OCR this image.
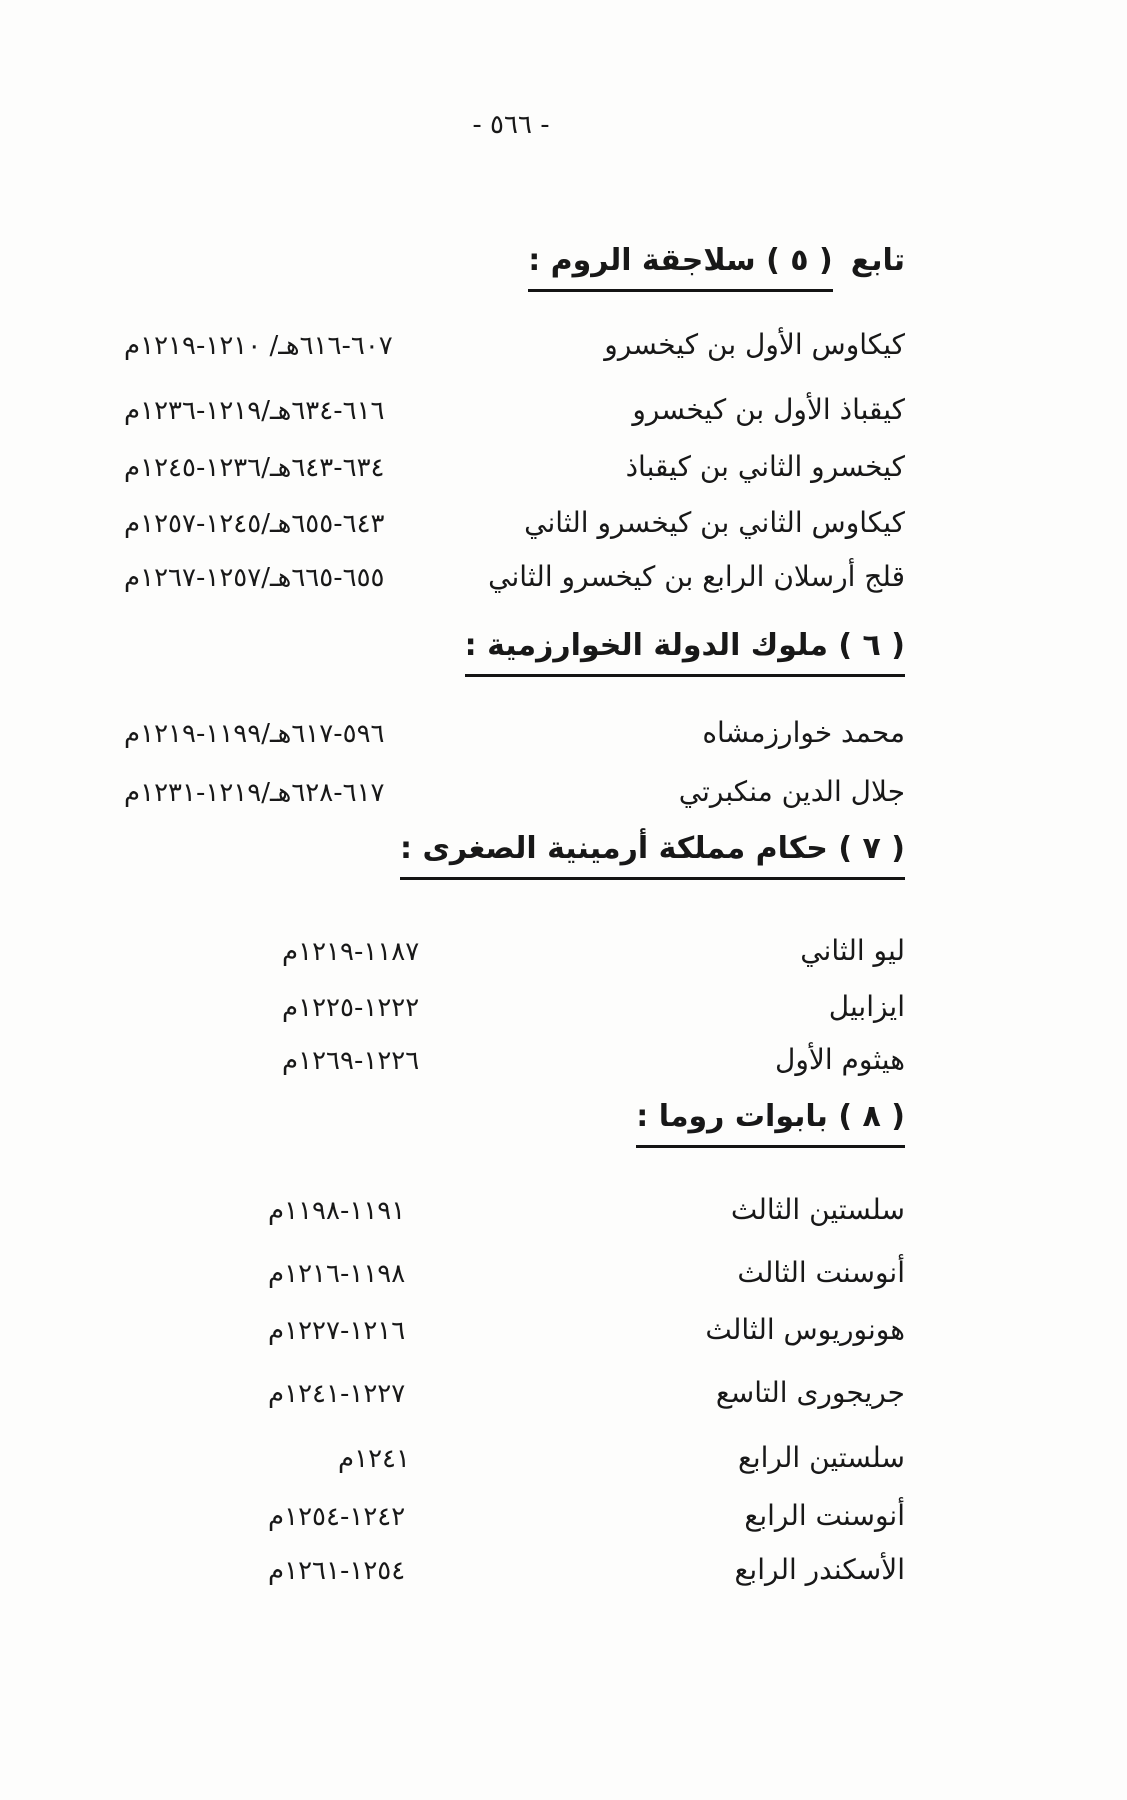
- ٥٦٦ -
تابع( ٥ ) سلاجقة الروم :
كيكاوس الأول بن كيخسرو
٦٠٧-٦١٦هـ/ ١٢١٠-١٢١٩م
كيقباذ الأول بن كيخسرو
٦١٦-٦٣٤هـ/١٢١٩-١٢٣٦م
كيخسرو الثاني بن كيقباذ
٦٣٤-٦٤٣هـ/١٢٣٦-١٢٤٥م
كيكاوس الثاني بن كيخسرو الثاني
٦٤٣-٦٥٥هـ/١٢٤٥-١٢٥٧م
قلج أرسلان الرابع بن كيخسرو الثاني
٦٥٥-٦٦٥هـ/١٢٥٧-١٢٦٧م
( ٦ ) ملوك الدولة الخوارزمية :
محمد خوارزمشاه
٥٩٦-٦١٧هـ/١١٩٩-١٢١٩م
جلال الدين منكبرتي
٦١٧-٦٢٨هـ/١٢١٩-١٢٣١م
( ٧ ) حكام مملكة أرمينية الصغرى :
ليو الثاني
١١٨٧-١٢١٩م
ايزابيل
١٢٢٢-١٢٢٥م
هيثوم الأول
١٢٢٦-١٢٦٩م
( ٨ ) بابوات روما :
سلستين الثالث
١١٩١-١١٩٨م
أنوسنت الثالث
١١٩٨-١٢١٦م
هونوريوس الثالث
١٢١٦-١٢٢٧م
جريجورى التاسع
١٢٢٧-١٢٤١م
سلستين الرابع
١٢٤١م
أنوسنت الرابع
١٢٤٢-١٢٥٤م
الأسكندر الرابع
١٢٥٤-١٢٦١م
